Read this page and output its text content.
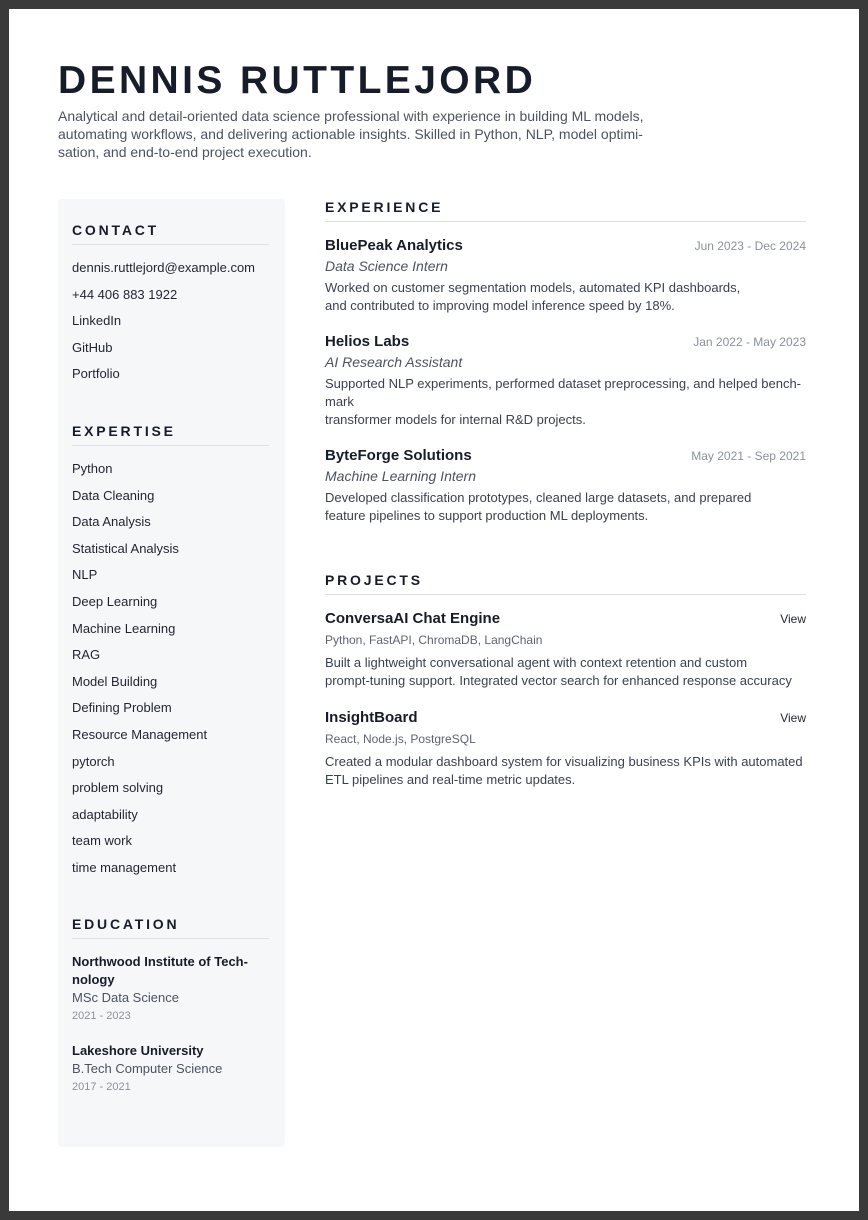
DENNIS RUTTLEJORD

Analytical and detail-oriented data science professional with experience in building ML models,
automating workflows, and delivering actionable insights. Skilled in Python, NLP, model optimi-
sation, and end-to-end project execution.

CONTACT
dennis.ruttlejord@example.com
+44 406 883 1922
LinkedIn
GitHub
Portfolio
EXPERTISE
Python
Data Cleaning
Data Analysis
Statistical Analysis
NLP
Deep Learning
Machine Learning
RAG
Model Building
Defining Problem
Resource Management
pytorch
problem solving
adaptability
team work
time management
EDUCATION
Northwood Institute of Tech-
nology
MSc Data Science
2021 - 2023
Lakeshore University
B.Tech Computer Science
2017 - 2021
EXPERIENCE
BluePeak Analytics	Jun 2023 - Dec 2024
Data Science Intern
Worked on customer segmentation models, automated KPI dashboards,
and contributed to improving model inference speed by 18%.
Helios Labs	Jan 2022 - May 2023
AI Research Assistant
Supported NLP experiments, performed dataset preprocessing, and helped bench-
mark
transformer models for internal R&D projects.
ByteForge Solutions	May 2021 - Sep 2021
Machine Learning Intern
Developed classification prototypes, cleaned large datasets, and prepared
feature pipelines to support production ML deployments.
PROJECTS
ConversaAI Chat Engine	View
Python, FastAPI, ChromaDB, LangChain
Built a lightweight conversational agent with context retention and custom
prompt-tuning support. Integrated vector search for enhanced response accuracy
InsightBoard	View
React, Node.js, PostgreSQL
Created a modular dashboard system for visualizing business KPIs with automated
ETL pipelines and real-time metric updates.
